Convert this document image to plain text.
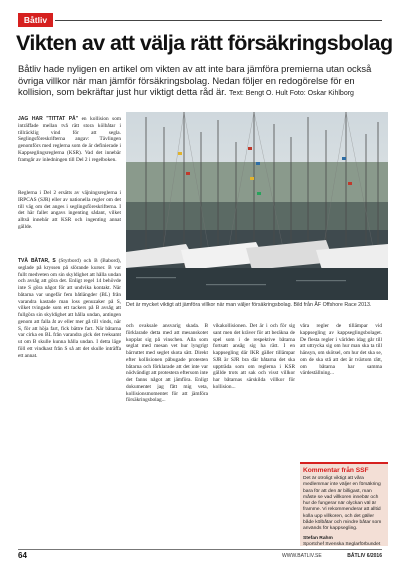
Båtliv
Vikten av att välja rätt försäkringsbolag
Båtliv hade nyligen en artikel om vikten av att inte bara jämföra premierna utan också övriga villkor när man jämför försäkringsbolag. Nedan följer en redogörelse för en kollision, som bekräftar just hur viktigt detta råd är. Text: Bengt O. Hult Foto: Oskar Kihlborg

JAG HAR "TITTAT PÅ" en kollision som inträffade mellan två rätt stora kölbåtar i tillräcklig vind för att segla. Seglingsföreskrifterna angav: Tävlingen genomförs med reglerna som de är definierade i Kappseglingsreglerna (KSR). Vad det innebär framgår av inledningen till Del 2 i regelboken.

Reglerna i Del 2 ersätts av väjningsreglerna i IRPCAS (SJR) eller av nationella regler om det till väg om det anges i seglingsföreskrifterna. I det här fallet angavs ingenting sådant, vilket alltså innebär att KSR och ingenting annat gällde.

TVÅ BÅTAR, S (Styrbord) och B (Babord), seglade på kryssen på slörande kurser. B var fullt medveten om sin skyldighet att hålla undan och avsåg att göra det. Enligt regel 14 behövde inte S göra något för att undvika kontakt. När båtarna var ungefär fem båtlängder (BL) från varandra kastade man loss genuzaker på S, vilket tvingade som ett tackers på B avsåg att fullgöra sin skyldighet att hålla undan, antingen genom att falla åt av eller mer gå till vinds, när S, för att höja fart, fick bättre fart. När båtarna var cirka en BL från varandra gick det tveksamt ut om B skulle kunna hålla undan. I detta läge föll ett vindkast från S så att det skulle inträffa ett annat.

Det är mycket viktigt att jämföra villkor när man väljer försäkringsbolag. Bild från ÅF Offshore Race 2013.

och ovaksale ansvarig skada. B förklarade detta med att mesanskotet kopplat sig på vinschen. Alla som seglat med mesan vet hur lyngrigt bärruttet med seglet skota sätt. Direkt efter kollisionen påbugade protesten båtarna och förklarade att det inte var nödvändigt att protestera eftersom inte det fanns något att jämföra. Enligt dokumentet jag fått mig veta, kollisionsmomentet för att jämföra försäkringsbolag...

vikakollisionen. Det är i och för sig sant men det kräver för att beräkna de spel som i de respektive båtarna fortsatt ansåg sig ha rätt. I en kappsegling där IKR gäller tillämpar SJR är SJR bra där båtarna det ska uppträda som om reglerna i KSR gällde trots att sak och visst villkor har båtarnas särskilda villkor för kollision...

våra regler de tillämpar vid kappsegling av kappseglingsbolaget. De flesta regler i världen idag går till att uttrycka sig om hur man ska ta till hänsyn, om skötsel, om hur det ska se, om de ska stå att det är tvärtom rätt, om båtarna har samma värdeställning...

Kommentar från SSF
Det är otroligt viktigt att våra medlemmar inte väljer en försäkring bara för att den är billigast, man måste se vad villkoren innebär och hur de fungerar när olyckan väl är framme. Vi rekommenderar att alltid kolla upp villkoren, och det gäller både kölbåtar och mindre båtar som används för kappsegling.
Stefan Rahm
Sportchef Svenska Seglarförbundet
64	WWW.BATLIV.SE	BÅTLIV 6/2016
